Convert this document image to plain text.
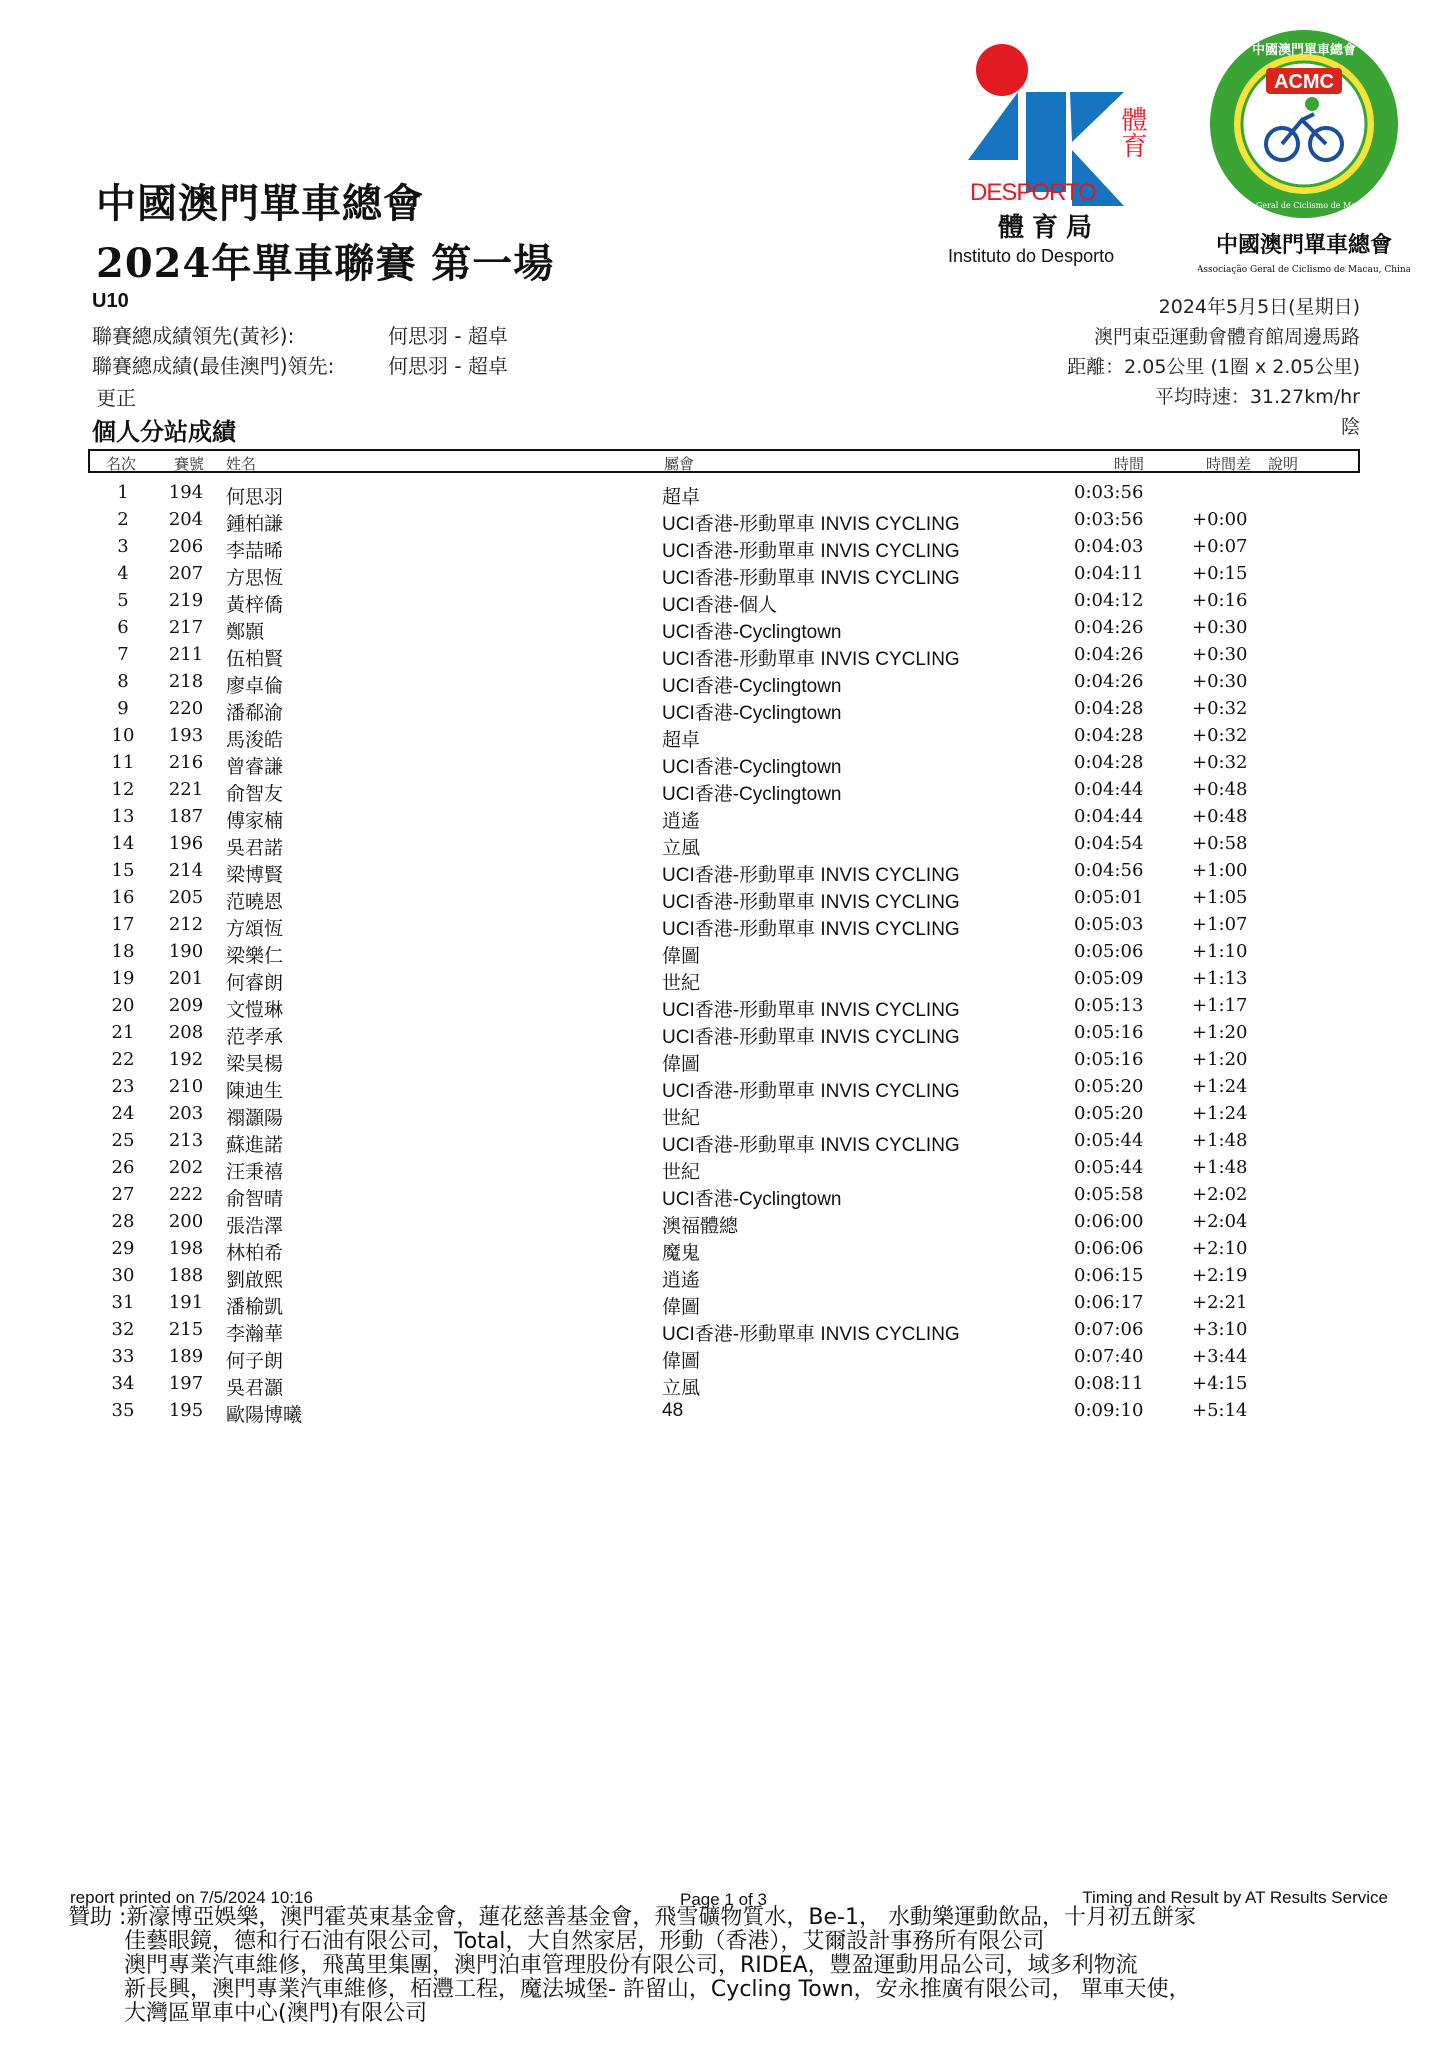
體育
DESPORTO
體育局
Instituto do Desporto
ACMC
中國澳門單車總會
Associação Geral de Ciclismo de Macau, China
中國澳門單車總會
Associação Geral de Ciclismo de Macau, China
中國澳門單車總會
2024年單車聯賽 第一場
U10
聯賽總成績領先(黃衫):	何思羽 - 超卓
聯賽總成績(最佳澳門)領先:	何思羽 - 超卓
更正
個人分站成績
2024年5月5日(星期日)
澳門東亞運動會體育館周邊馬路
距離：2.05公里 (1圈 x 2.05公里)
平均時速：31.27km/hr
陰
名次	賽號 姓名	屬會	時間	時間差 說明
1	194 何思羽	超卓	0:03:56
2	204 鍾柏謙	UCI香港-形動單車 INVIS CYCLING	0:03:56	+0:00
3	206 李喆晞	UCI香港-形動單車 INVIS CYCLING	0:04:03	+0:07
4	207 方思恆	UCI香港-形動單車 INVIS CYCLING	0:04:11	+0:15
5	219 黃梓僑	UCI香港-個人	0:04:12	+0:16
6	217 鄭顥	UCI香港-Cyclingtown	0:04:26	+0:30
7	211 伍柏賢	UCI香港-形動單車 INVIS CYCLING	0:04:26	+0:30
8	218 廖卓倫	UCI香港-Cyclingtown	0:04:26	+0:30
9	220 潘郗渝	UCI香港-Cyclingtown	0:04:28	+0:32
10 193 馬浚皓	超卓	0:04:28	+0:32
11 216 曾睿謙	UCI香港-Cyclingtown	0:04:28	+0:32
12 221 俞智友	UCI香港-Cyclingtown	0:04:44	+0:48
13 187 傅家楠	逍遙	0:04:44	+0:48
14 196 吳君諾	立風	0:04:54	+0:58
15 214 梁博賢	UCI香港-形動單車 INVIS CYCLING	0:04:56	+1:00
16 205 范曉恩	UCI香港-形動單車 INVIS CYCLING	0:05:01	+1:05
17 212 方頌恆	UCI香港-形動單車 INVIS CYCLING	0:05:03	+1:07
18 190 梁樂仁	偉圖	0:05:06	+1:10
19 201 何睿朗	世紀	0:05:09	+1:13
20 209 文愷琳	UCI香港-形動單車 INVIS CYCLING	0:05:13	+1:17
21 208 范孝承	UCI香港-形動單車 INVIS CYCLING	0:05:16	+1:20
22 192 梁昊楊	偉圖	0:05:16	+1:20
23 210 陳迪生	UCI香港-形動單車 INVIS CYCLING	0:05:20	+1:24
24 203 禤灝陽	世紀	0:05:20	+1:24
25 213 蘇進諾	UCI香港-形動單車 INVIS CYCLING	0:05:44	+1:48
26 202 汪秉禧	世紀	0:05:44	+1:48
27 222 俞智晴	UCI香港-Cyclingtown	0:05:58	+2:02
28 200 張浩澤	澳福體總	0:06:00	+2:04
29 198 林柏希	魔鬼	0:06:06	+2:10
30 188 劉啟熙	逍遙	0:06:15	+2:19
31 191 潘榆凱	偉圖	0:06:17	+2:21
32 215 李瀚華	UCI香港-形動單車 INVIS CYCLING	0:07:06	+3:10
33 189 何子朗	偉圖	0:07:40	+3:44
34 197 吳君灝	立風	0:08:11	+4:15
35 195 歐陽博曦	48	0:09:10	+5:14
report printed on 7/5/2024 10:16	Page 1 of 3	Timing and Result by AT Results Service
贊助 :新濠博亞娛樂，澳門霍英東基金會，蓮花慈善基金會，飛雪礦物質水，Be-1， 水動樂運動飲品，十月初五餅家
佳藝眼鏡，德和行石油有限公司，Total，大自然家居，形動（香港），艾爾設計事務所有限公司
澳門專業汽車維修，飛萬里集團，澳門泊車管理股份有限公司，RIDEA，豐盈運動用品公司，域多利物流
新長興，澳門專業汽車維修，栢灃工程，魔法城堡- 許留山，Cycling Town，安永推廣有限公司， 單車天使，
大灣區單車中心(澳門)有限公司
